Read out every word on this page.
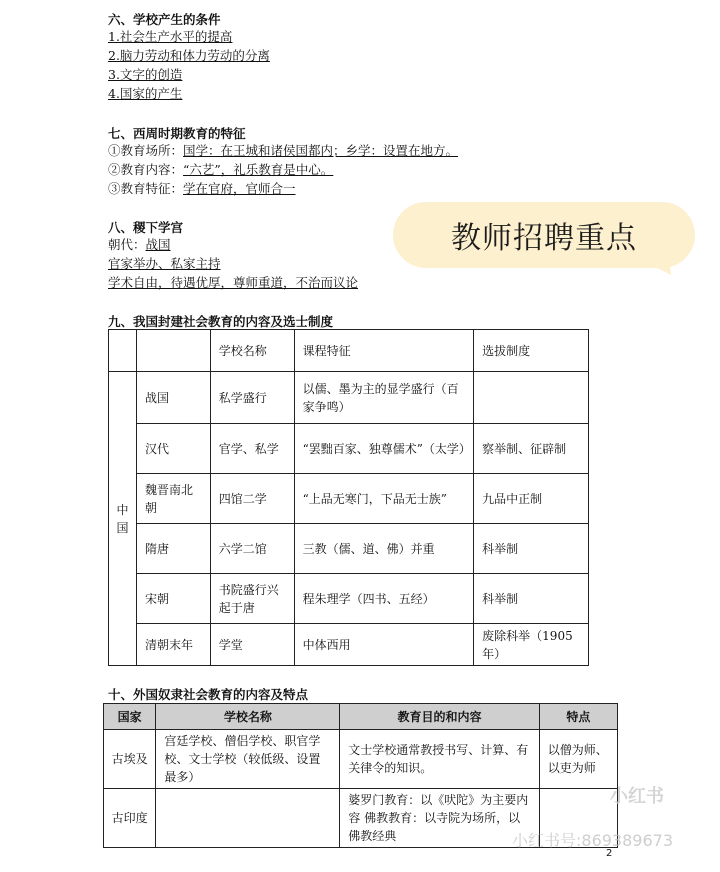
六、学校产生的条件
1.社会生产水平的提高
2.脑力劳动和体力劳动的分离
3.文字的创造
4.国家的产生
七、西周时期教育的特征
①教育场所：国学：在王城和诸侯国都内；乡学：设置在地方。
②教育内容：“六艺”，礼乐教育是中心。
③教育特征：学在官府，官师合一
八、稷下学宫
朝代：战国
官家举办、私家主持
学术自由，待遇优厚，尊师重道，不治而议论
教师招聘重点
九、我国封建社会教育的内容及选士制度
		学校名称	课程特征	选拔制度
中国	战国	私学盛行	以儒、墨为主的显学盛行（百家争鸣）	
	汉代	官学、私学	“罢黜百家、独尊儒术”（太学）	察举制、征辟制
	魏晋南北朝	四馆二学	“上品无寒门，下品无士族”	九品中正制
	隋唐	六学二馆	三教（儒、道、佛）并重	科举制
	宋朝	书院盛行兴起于唐	程朱理学（四书、五经）	科举制
	清朝末年	学堂	中体西用	废除科举（1905年）
十、外国奴隶社会教育的内容及特点
国家	学校名称	教育目的和内容	特点
古埃及	宫廷学校、僧侣学校、职官学校、文士学校（较低级、设置最多）	文士学校通常教授书写、计算、有关律令的知识。	以僧为师、以吏为师
古印度		婆罗门教育：以《吠陀》为主要内容 佛教教育：以寺院为场所，以佛教经典	
2
小红书
小红书号:869389673
